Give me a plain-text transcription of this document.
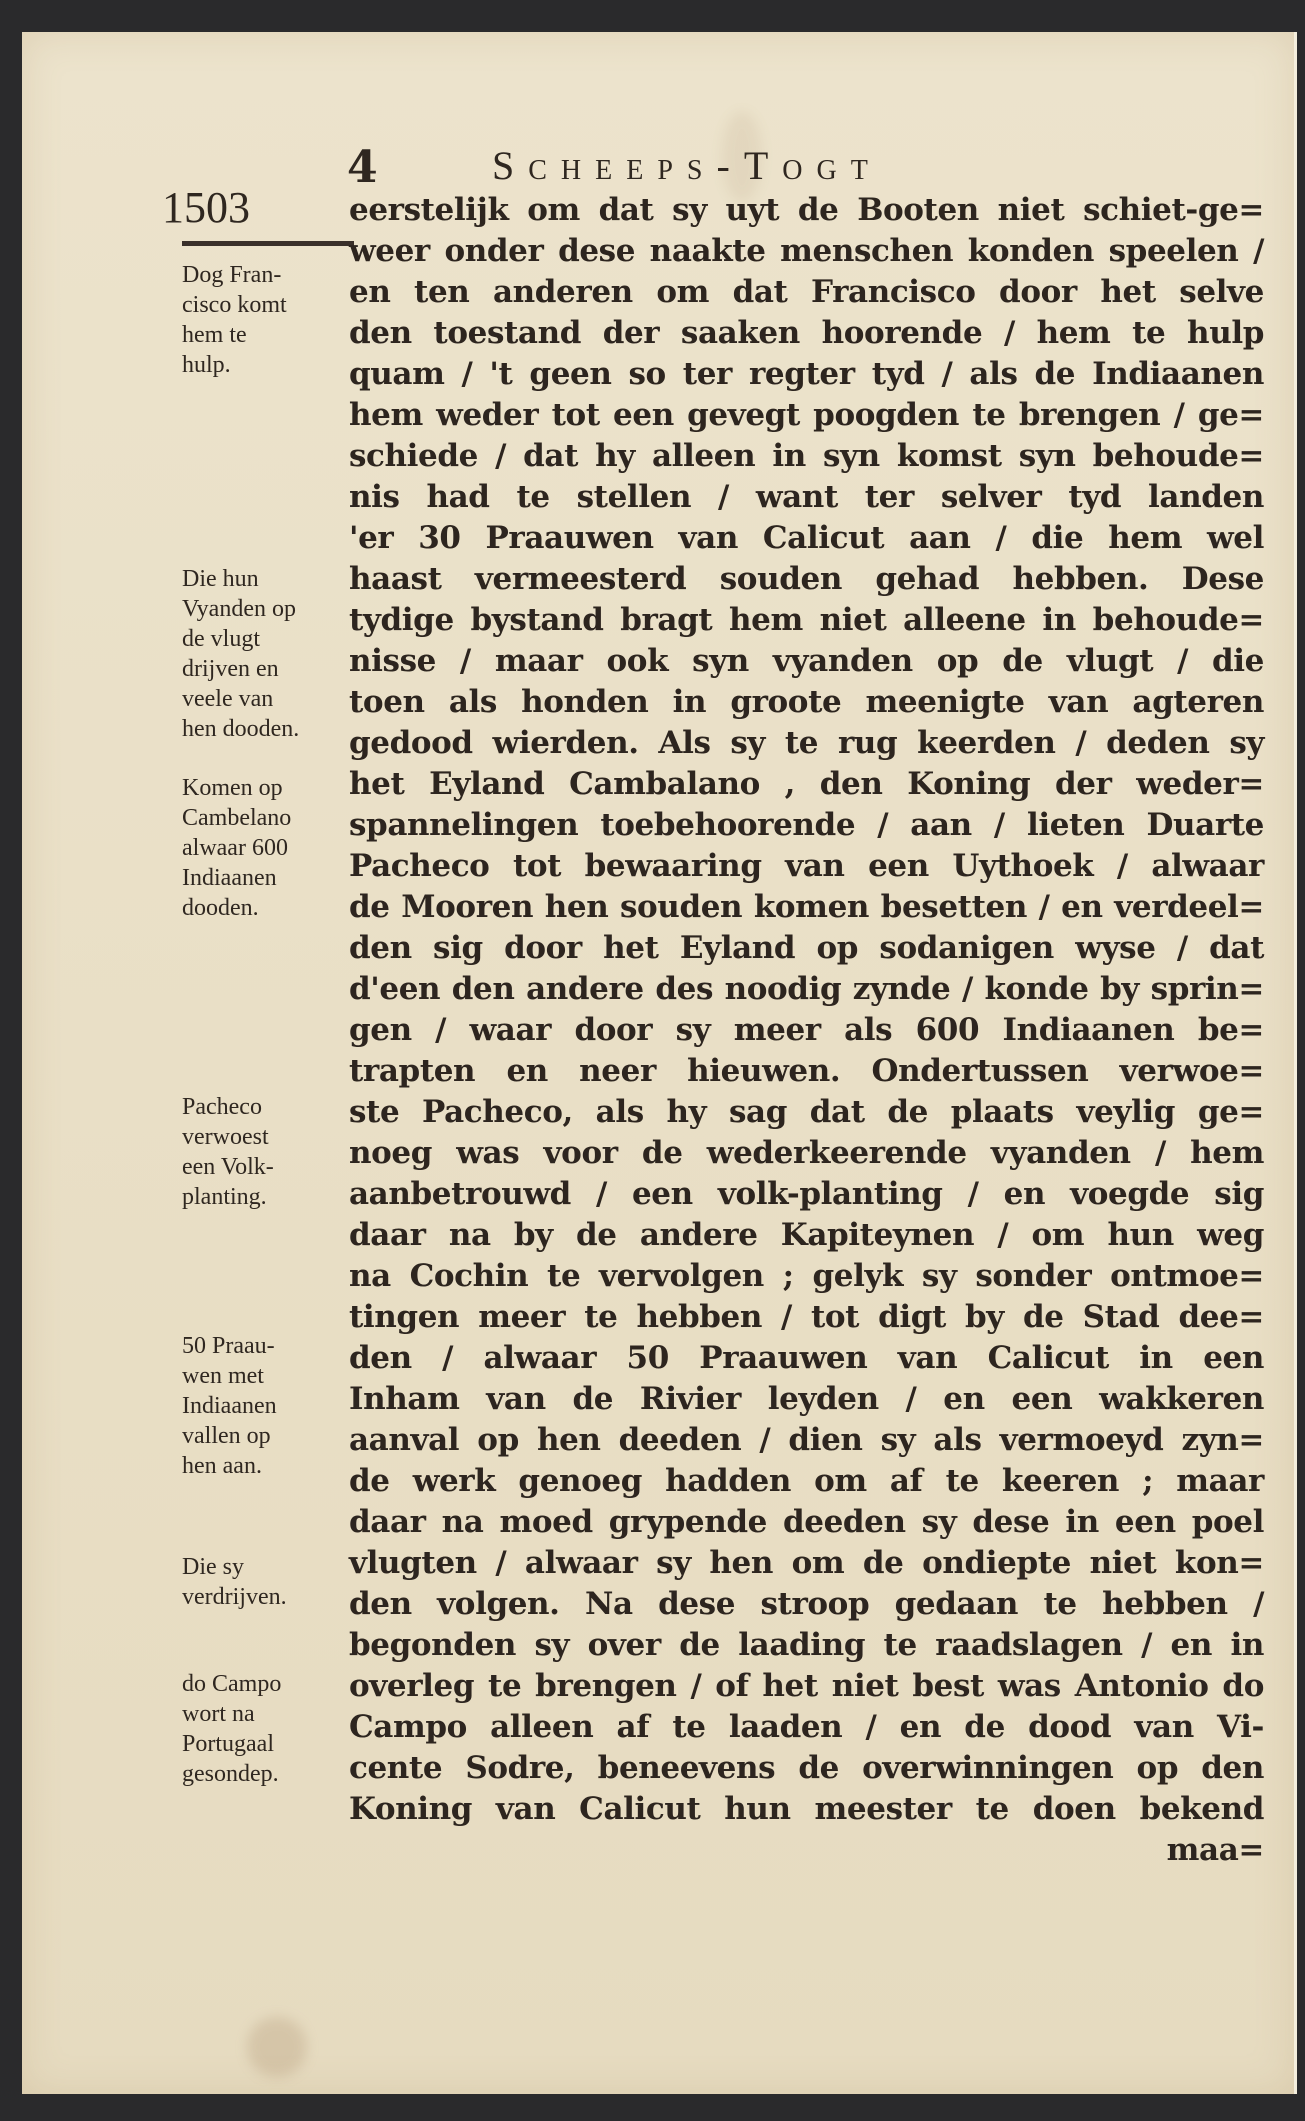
4	Scheeps-Togt
1503	eerstelijk om dat sy uyt de Booten niet schiet-ge=
weer onder dese naakte menschen konden speelen /
en ten anderen om dat Francisco door het selve
den toestand der saaken hoorende / hem te hulp
quam / 't geen so ter regter tyd / als de Indiaanen
hem weder tot een gevegt poogden te brengen / ge=
schiede / dat hy alleen in syn komst syn behoude=
nis had te stellen / want ter selver tyd landen
'er 30 Praauwen van Calicut aan / die hem wel
haast vermeesterd souden gehad hebben. Dese
tydige bystand bragt hem niet alleene in behoude=
nisse / maar ook syn vyanden op de vlugt / die
toen als honden in groote meenigte van agteren
gedood wierden. Als sy te rug keerden / deden sy
het Eyland Cambalano , den Koning der weder=
spannelingen toebehoorende / aan / lieten Duarte
Pacheco tot bewaaring van een Uythoek / alwaar
de Mooren hen souden komen besetten / en verdeel=
den sig door het Eyland op sodanigen wyse / dat
d'een den andere des noodig zynde / konde by sprin=
gen / waar door sy meer als 600 Indiaanen be=
trapten en neer hieuwen. Ondertussen verwoe=
ste Pacheco, als hy sag dat de plaats veylig ge=
noeg was voor de wederkeerende vyanden / hem
aanbetrouwd / een volk-planting / en voegde sig
daar na by de andere Kapiteynen / om hun weg
na Cochin te vervolgen ; gelyk sy sonder ontmoe=
tingen meer te hebben / tot digt by de Stad dee=
den / alwaar 50 Praauwen van Calicut in een
Inham van de Rivier leyden / en een wakkeren
aanval op hen deeden / dien sy als vermoeyd zyn=
de werk genoeg hadden om af te keeren ; maar
daar na moed grypende deeden sy dese in een poel
vlugten / alwaar sy hen om de ondiepte niet kon=
den volgen. Na dese stroop gedaan te hebben /
begonden sy over de laading te raadslagen / en in
overleg te brengen / of het niet best was Antonio do
Campo alleen af te laaden / en de dood van Vi-
cente Sodre, beneevens de overwinningen op den
Koning van Calicut hun meester te doen bekend
maa=
Dog Fran-
cisco komt
hem te
hulp.
Die hun
Vyanden op
de vlugt
drijven en
veele van
hen dooden.
Komen op
Cambelano
alwaar 600
Indiaanen
dooden.
Pacheco
verwoest
een Volk-
planting.
50 Praau-
wen met
Indiaanen
vallen op
hen aan.
Die sy
verdrijven.
do Campo
wort na
Portugaal
gesondep.
